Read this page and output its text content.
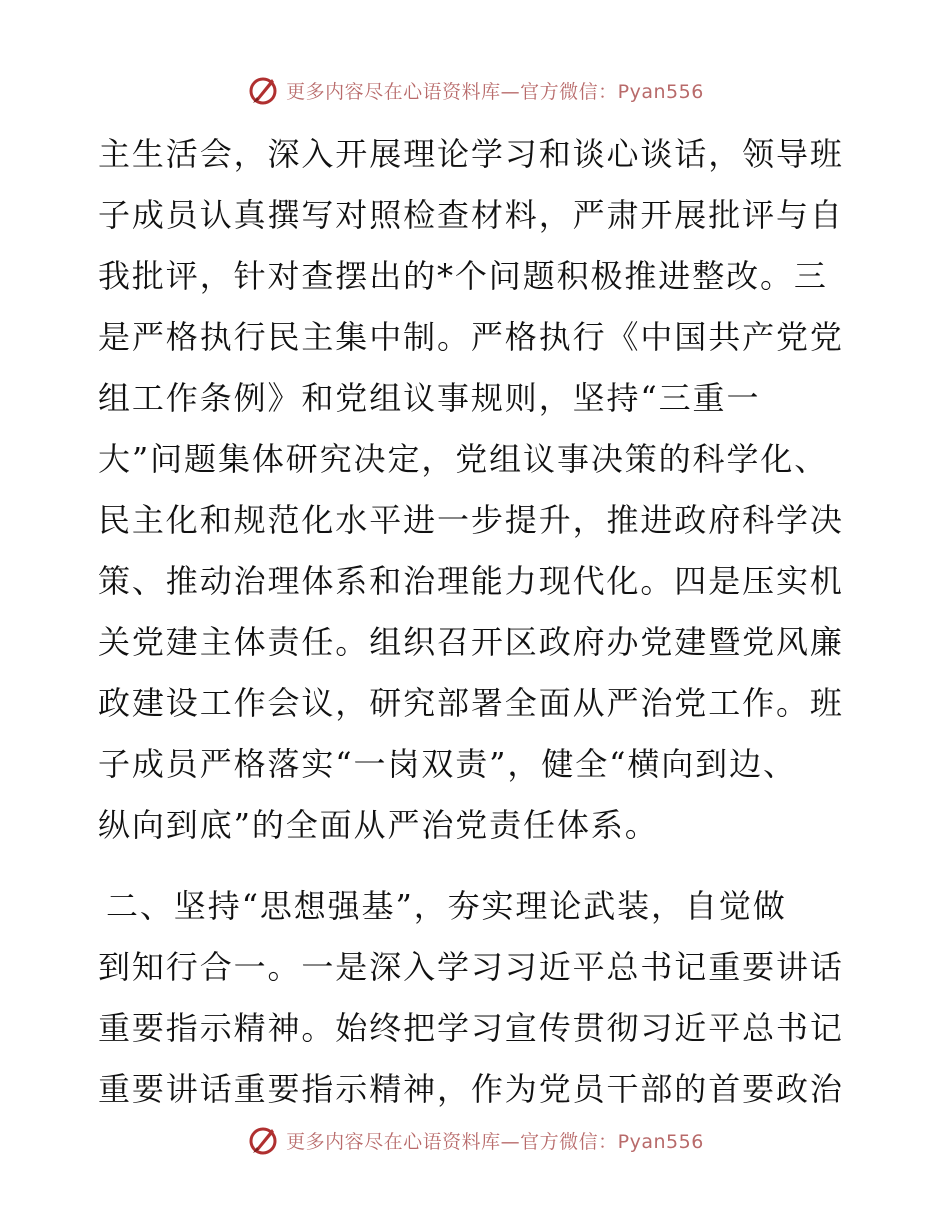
更多内容尽在心语资料库—官方微信：Pyan556
主生活会，深入开展理论学习和谈心谈话，领导班
子成员认真撰写对照检查材料，严肃开展批评与自
我批评，针对查摆出的*个问题积极推进整改。三
是严格执行民主集中制。严格执行《中国共产党党
组工作条例》和党组议事规则，坚持“三重一
大”问题集体研究决定，党组议事决策的科学化、
民主化和规范化水平进一步提升，推进政府科学决
策、推动治理体系和治理能力现代化。四是压实机
关党建主体责任。组织召开区政府办党建暨党风廉
政建设工作会议，研究部署全面从严治党工作。班
子成员严格落实“一岗双责”，健全“横向到边、
纵向到底”的全面从严治党责任体系。
二、坚持“思想强基”，夯实理论武装，自觉做
到知行合一。一是深入学习习近平总书记重要讲话
重要指示精神。始终把学习宣传贯彻习近平总书记
重要讲话重要指示精神，作为党员干部的首要政治
更多内容尽在心语资料库—官方微信：Pyan556
